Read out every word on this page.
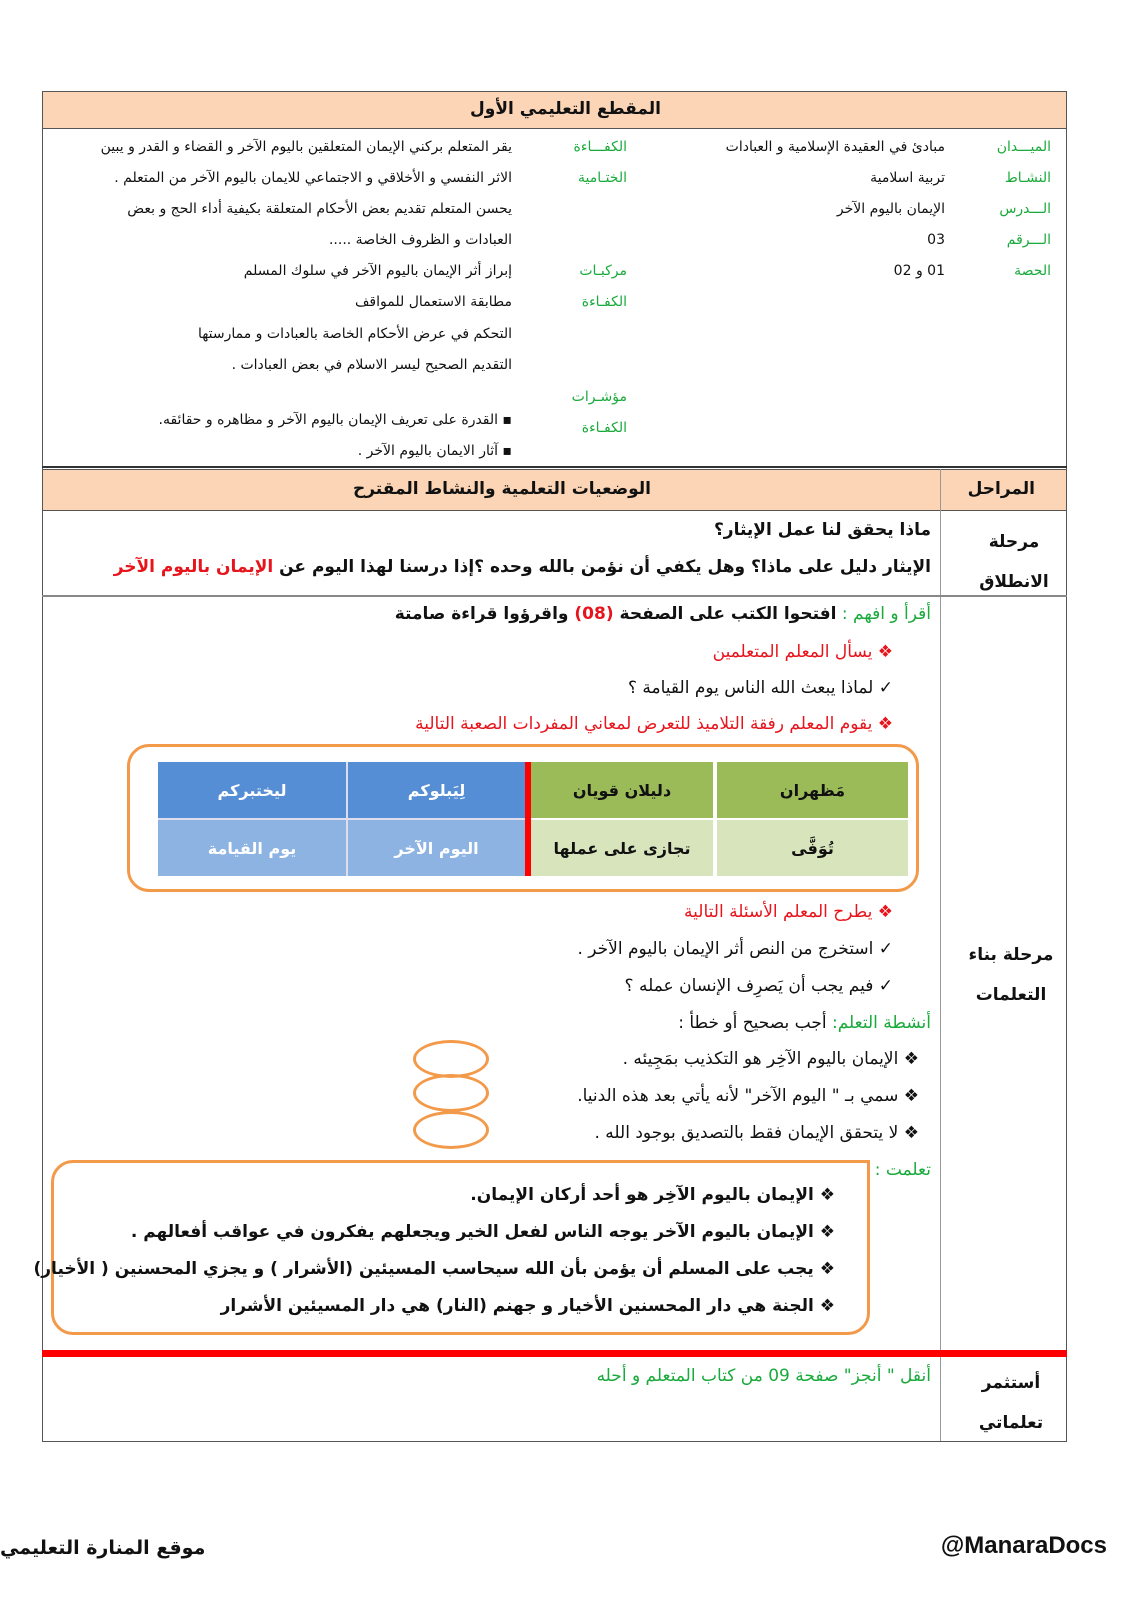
المقطع التعليمي الأول
الميـــدان
مبادئ في العقيدة الإسلامية و العبادات
النشـاط
تربية اسلامية
الـــدرس
الإيمان باليوم الآخر
الـــرقم
03
الحصة
01 و 02
الكفـــاءة
الختـامية
يقر المتعلم بركني الإيمان المتعلقين باليوم الآخر و القضاء و القدر و يبين
الاثر النفسي و الأخلاقي و الاجتماعي للايمان باليوم الآخر من المتعلم .
يحسن المتعلم تقديم بعض الأحكام المتعلقة بكيفية أداء الحج و بعض
العبادات و الظروف الخاصة .....
مركبـات
الكفـاءة
إبراز أثر الإيمان باليوم الآخر في سلوك المسلم
مطابقة الاستعمال للمواقف
التحكم في عرض الأحكام الخاصة بالعبادات و ممارستها
التقديم الصحيح ليسر الاسلام في بعض العبادات .
مؤشـرات
الكفـاءة
▪ القدرة على تعريف الإيمان باليوم الآخر و مظاهره و حقائقه.
▪ آثار الايمان باليوم الآخر .
الوضعيات التعلمية والنشاط المقترح	المراحل
مرحلة
الانطلاق
ماذا يحقق لنا عمل الإيثار؟
الإيثار دليل على ماذا؟ وهل يكفي أن نؤمن بالله وحده ؟إذا درسنا لهذا اليوم عن الإيمان باليوم الآخر
مرحلة بناء
التعلمات
أقرأ و افهم : افتحوا الكتب على الصفحة (08) واقرؤوا قراءة صامتة
❖ يسأل المعلم المتعلمين
✓ لماذا يبعث الله الناس يوم القيامة ؟
❖ يقوم المعلم رفقة التلاميذ للتعرض لمعاني المفردات الصعبة التالية
مَظهران
تُوَفَّى
دليلان قويان
تجازى على عملها
لِيَبلوكم
اليوم الآخر
ليختبركم
يوم القيامة
❖ يطرح المعلم الأسئلة التالية
✓ استخرج من النص أثر الإيمان باليوم الآخر .
✓ فيم يجب أن يَصرِف الإنسان عمله ؟
أنشطة التعلم: أجب بصحيح أو خطأ :
❖ الإيمان باليوم الآخِر هو التكذيب بمَجِيئه .
❖ سمي بـ " اليوم الآخر" لأنه يأتي بعد هذه الدنيا.
❖ لا يتحقق الإيمان فقط بالتصديق بوجود الله .
تعلمت :
❖ الإيمان باليوم الآخِر هو أحد أركان الإيمان.
❖ الإيمان باليوم الآخر يوجه الناس لفعل الخير ويجعلهم يفكرون في عواقب أفعالهم .
❖ يجب على المسلم أن يؤمن بأن الله سيحاسب المسيئين (الأشرار ) و يجزي المحسنين ( الأخيار)
❖ الجنة هي دار المحسنين الأخيار و جهنم (النار) هي دار المسيئين الأشرار
أستثمر
تعلماتي
أنقل " أنجز" صفحة 09 من كتاب المتعلم و أحله
موقع المنارة التعليمي	@ManaraDocs
